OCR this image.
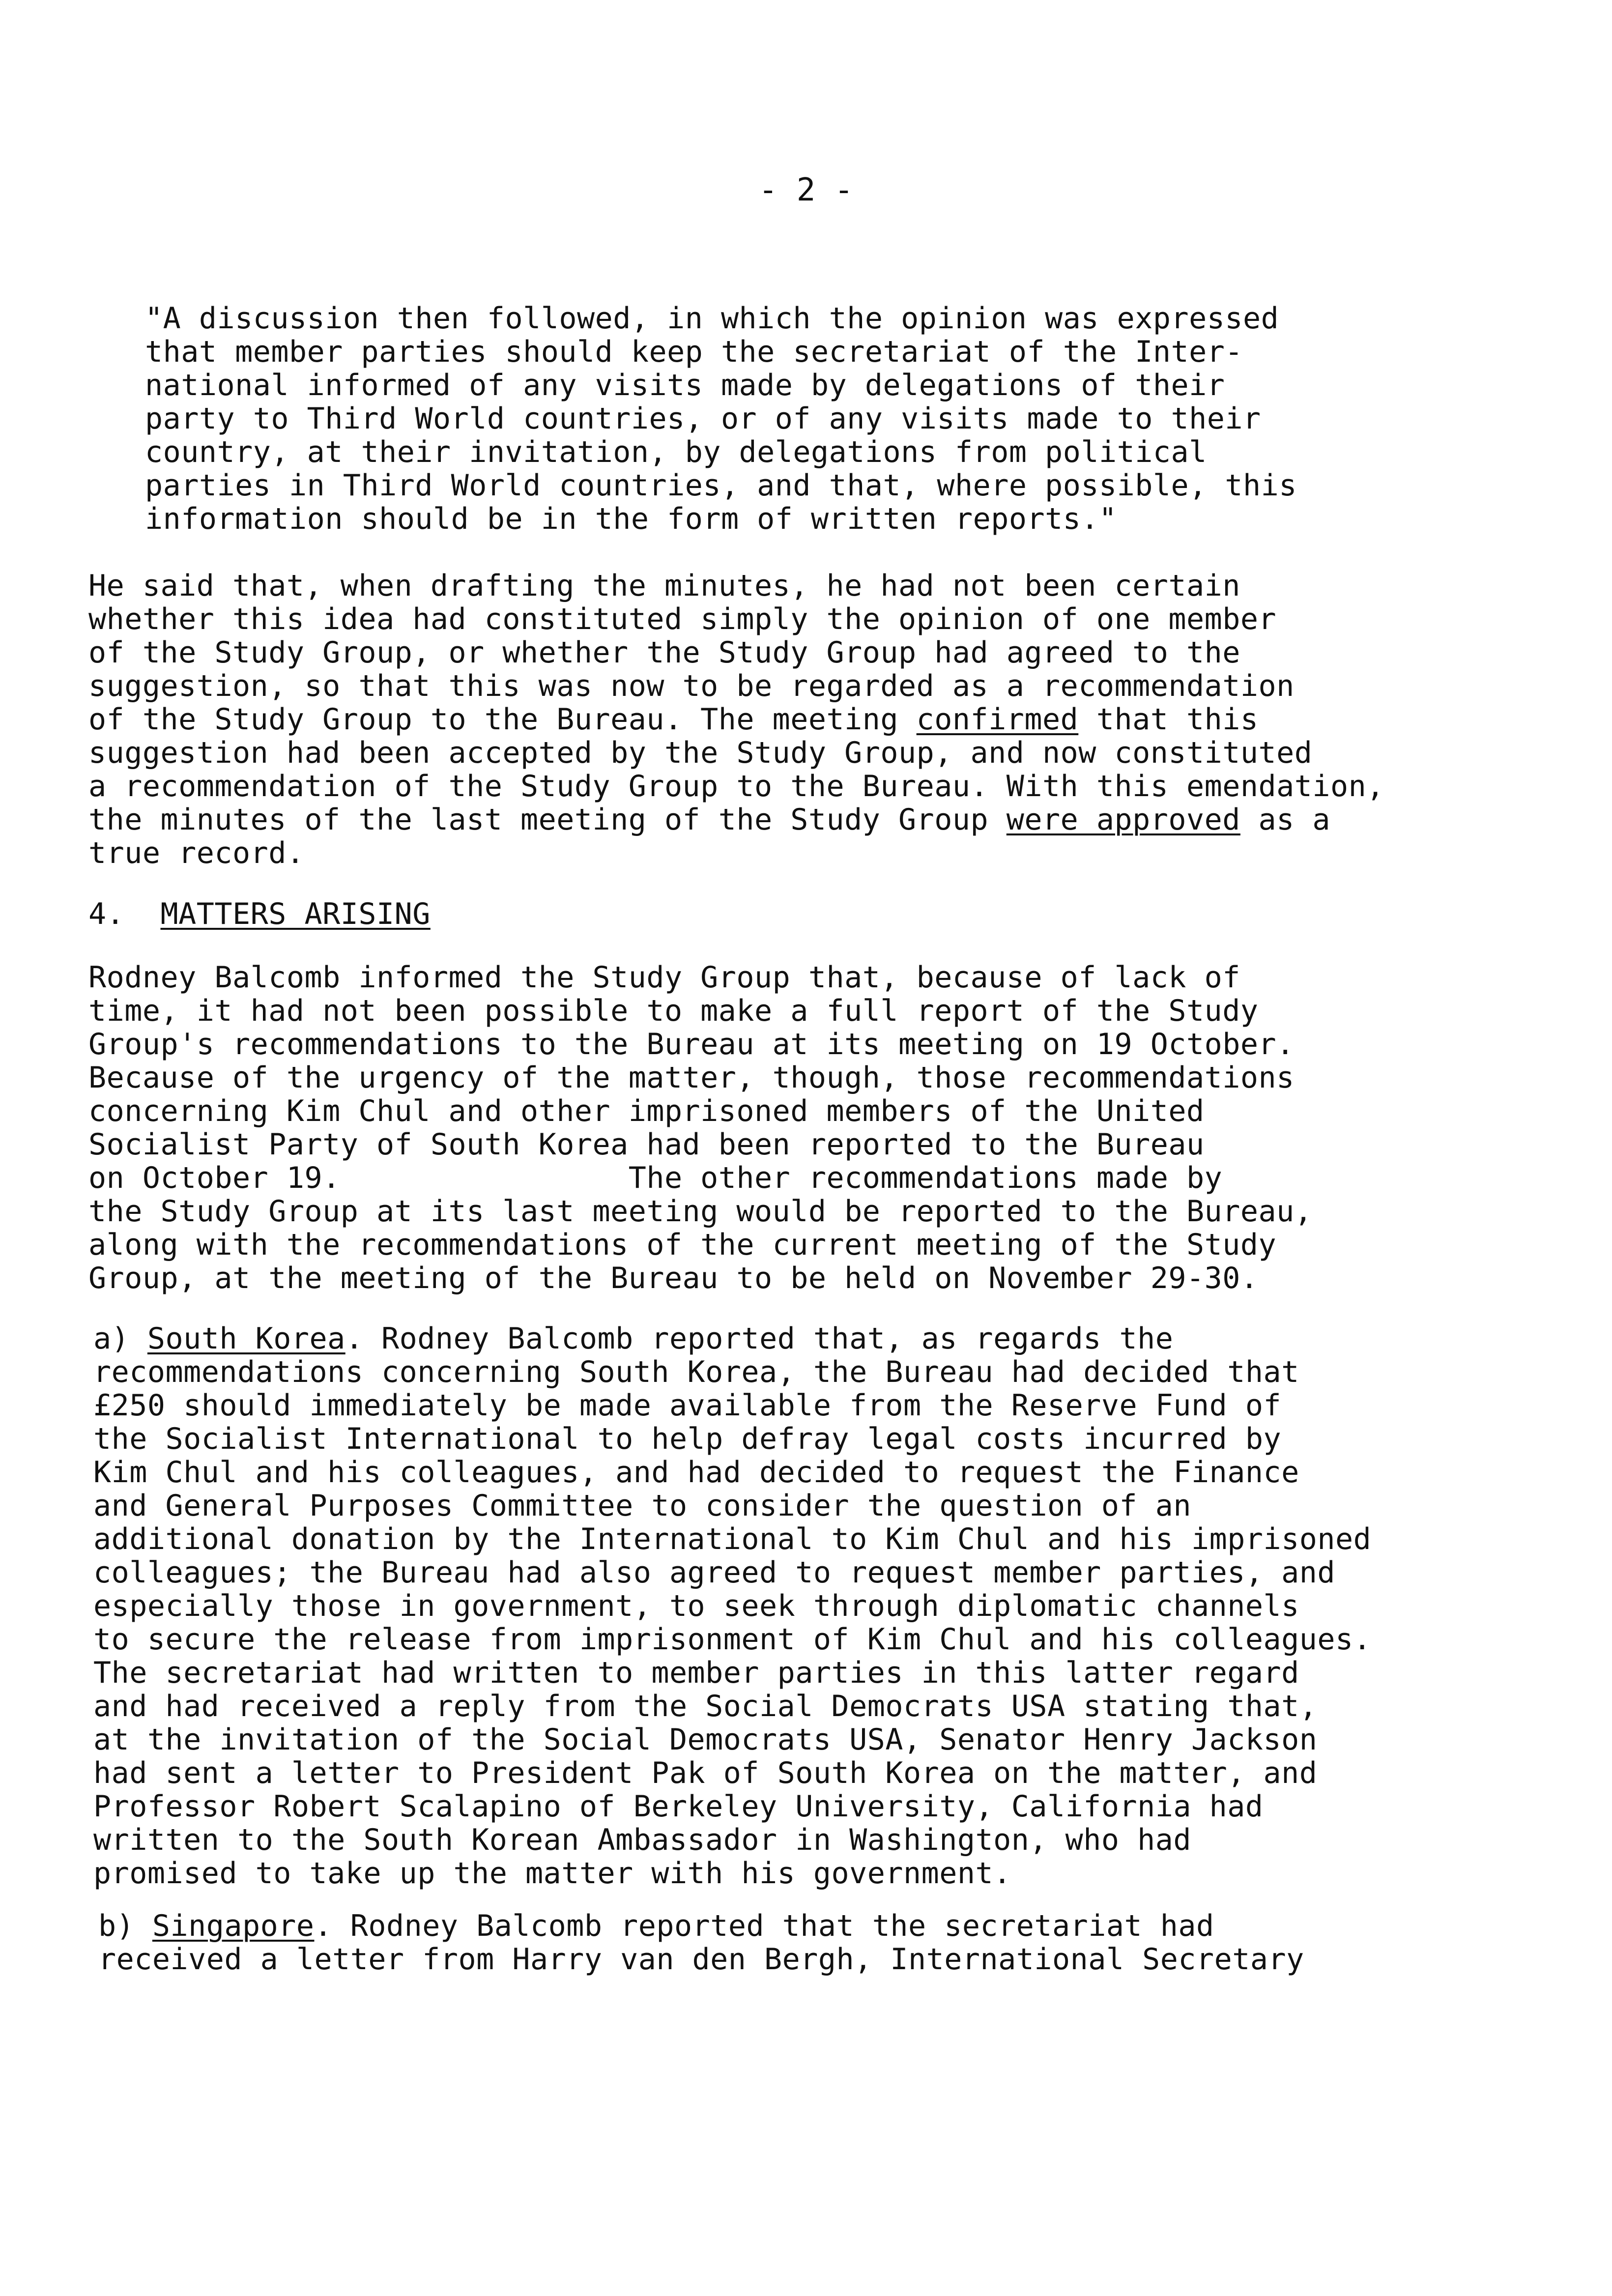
- 2 -
"A discussion then followed, in which the opinion was expressed
that member parties should keep the secretariat of the Inter-
national informed of any visits made by delegations of their
party to Third World countries, or of any visits made to their
country, at their invitation, by delegations from political
parties in Third World countries, and that, where possible, this
information should be in the form of written reports."
He said that, when drafting the minutes, he had not been certain
whether this idea had constituted simply the opinion of one member
of the Study Group, or whether the Study Group had agreed to the
suggestion, so that this was now to be regarded as a recommendation
of the Study Group to the Bureau. The meeting confirmed that this
suggestion had been accepted by the Study Group, and now constituted
a recommendation of the Study Group to the Bureau. With this emendation,
the minutes of the last meeting of the Study Group were approved as a
true record.
4. MATTERS ARISING
Rodney Balcomb informed the Study Group that, because of lack of
time, it had not been possible to make a full report of the Study
Group's recommendations to the Bureau at its meeting on 19 October.
Because of the urgency of the matter, though, those recommendations
concerning Kim Chul and other imprisoned members of the United
Socialist Party of South Korea had been reported to the Bureau
on October 19.                The other recommendations made by
the Study Group at its last meeting would be reported to the Bureau,
along with the recommendations of the current meeting of the Study
Group, at the meeting of the Bureau to be held on November 29-30.
a) South Korea. Rodney Balcomb reported that, as regards the
recommendations concerning South Korea, the Bureau had decided that
£250 should immediately be made available from the Reserve Fund of
the Socialist International to help defray legal costs incurred by
Kim Chul and his colleagues, and had decided to request the Finance
and General Purposes Committee to consider the question of an
additional donation by the International to Kim Chul and his imprisoned
colleagues; the Bureau had also agreed to request member parties, and
especially those in government, to seek through diplomatic channels
to secure the release from imprisonment of Kim Chul and his colleagues.
The secretariat had written to member parties in this latter regard
and had received a reply from the Social Democrats USA stating that,
at the invitation of the Social Democrats USA, Senator Henry Jackson
had sent a letter to President Pak of South Korea on the matter, and
Professor Robert Scalapino of Berkeley University, California had
written to the South Korean Ambassador in Washington, who had
promised to take up the matter with his government.
b) Singapore. Rodney Balcomb reported that the secretariat had
received a letter from Harry van den Bergh, International Secretary
